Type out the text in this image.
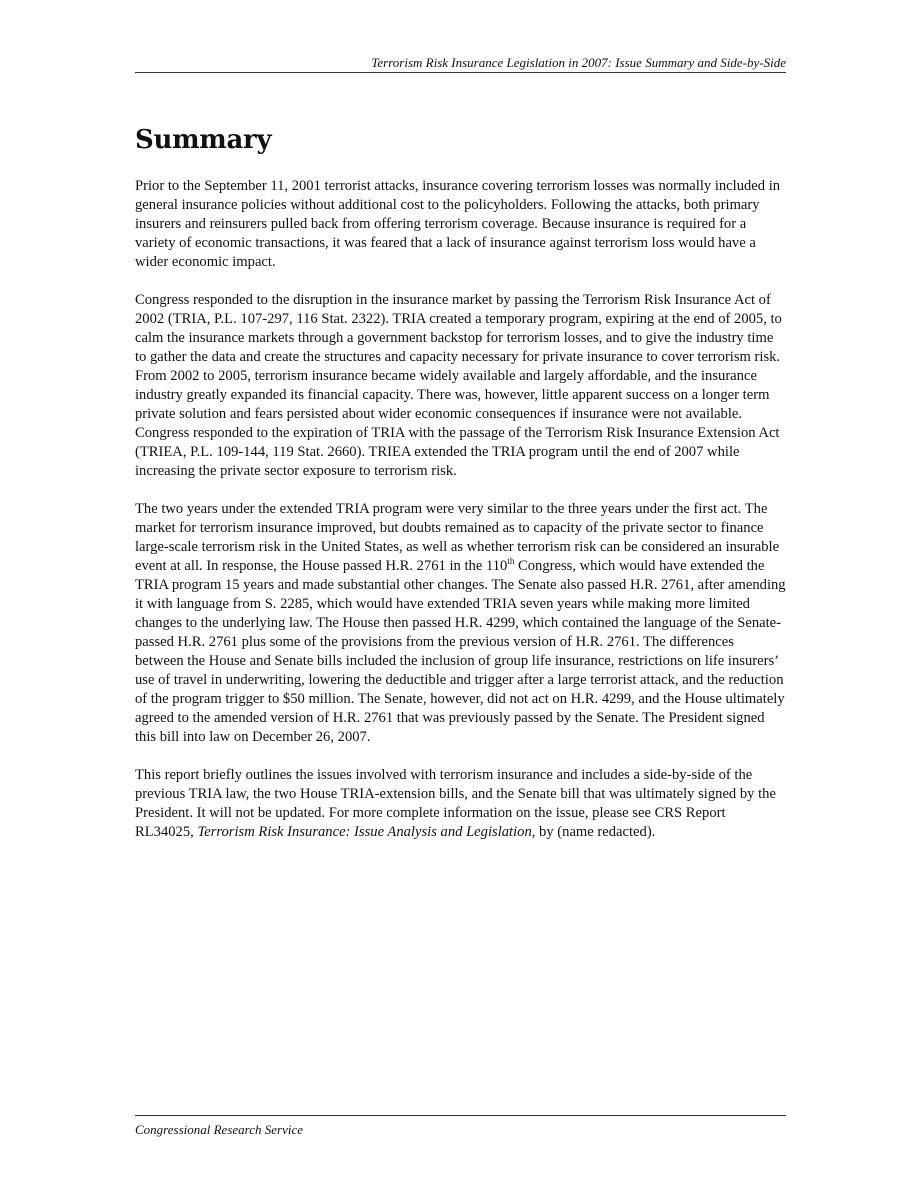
Terrorism Risk Insurance Legislation in 2007: Issue Summary and Side-by-Side
Summary

Prior to the September 11, 2001 terrorist attacks, insurance covering terrorism losses was normally included in general insurance policies without additional cost to the policyholders. Following the attacks, both primary insurers and reinsurers pulled back from offering terrorism coverage. Because insurance is required for a variety of economic transactions, it was feared that a lack of insurance against terrorism loss would have a wider economic impact.

Congress responded to the disruption in the insurance market by passing the Terrorism Risk Insurance Act of 2002 (TRIA, P.L. 107-297, 116 Stat. 2322). TRIA created a temporary program, expiring at the end of 2005, to calm the insurance markets through a government backstop for terrorism losses, and to give the industry time to gather the data and create the structures and capacity necessary for private insurance to cover terrorism risk. From 2002 to 2005, terrorism insurance became widely available and largely affordable, and the insurance industry greatly expanded its financial capacity. There was, however, little apparent success on a longer term private solution and fears persisted about wider economic consequences if insurance were not available. Congress responded to the expiration of TRIA with the passage of the Terrorism Risk Insurance Extension Act (TRIEA, P.L. 109-144, 119 Stat. 2660). TRIEA extended the TRIA program until the end of 2007 while increasing the private sector exposure to terrorism risk.

The two years under the extended TRIA program were very similar to the three years under the first act. The market for terrorism insurance improved, but doubts remained as to capacity of the private sector to finance large-scale terrorism risk in the United States, as well as whether terrorism risk can be considered an insurable event at all. In response, the House passed H.R. 2761 in the 110th Congress, which would have extended the TRIA program 15 years and made substantial other changes. The Senate also passed H.R. 2761, after amending it with language from S. 2285, which would have extended TRIA seven years while making more limited changes to the underlying law. The House then passed H.R. 4299, which contained the language of the Senate-passed H.R. 2761 plus some of the provisions from the previous version of H.R. 2761. The differences between the House and Senate bills included the inclusion of group life insurance, restrictions on life insurers’ use of travel in underwriting, lowering the deductible and trigger after a large terrorist attack, and the reduction of the program trigger to $50 million. The Senate, however, did not act on H.R. 4299, and the House ultimately agreed to the amended version of H.R. 2761 that was previously passed by the Senate. The President signed this bill into law on December 26, 2007.

This report briefly outlines the issues involved with terrorism insurance and includes a side-by-side of the previous TRIA law, the two House TRIA-extension bills, and the Senate bill that was ultimately signed by the President. It will not be updated. For more complete information on the issue, please see CRS Report RL34025, Terrorism Risk Insurance: Issue Analysis and Legislation, by (name redacted).

Congressional Research Service
